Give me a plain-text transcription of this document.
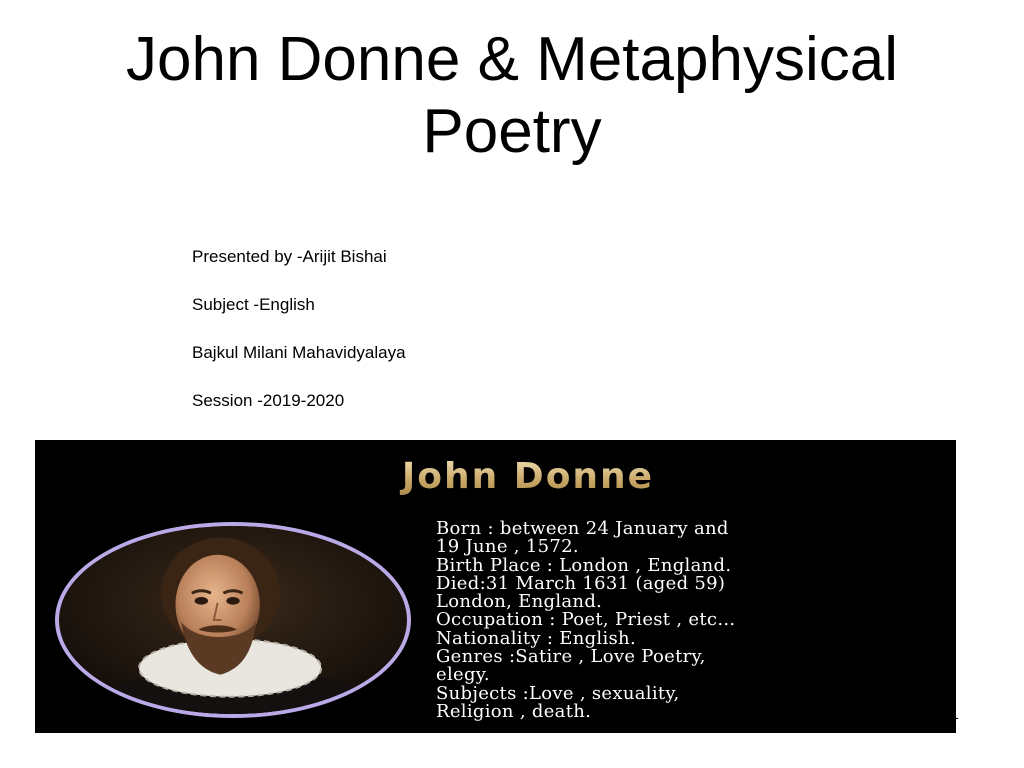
John Donne & Metaphysical
Poetry
Presented by -Arijit Bishai
Subject -English
Bajkul Milani Mahavidyalaya
Session -2019-2020
John Donne
Born : between 24 January and
19 June , 1572.
Birth Place : London , England.
Died:31 March 1631 (aged 59)
London, England.
Occupation : Poet, Priest , etc…
Nationality : English.
Genres :Satire , Love Poetry,
elegy.
Subjects :Love , sexuality,
Religion , death.	1
